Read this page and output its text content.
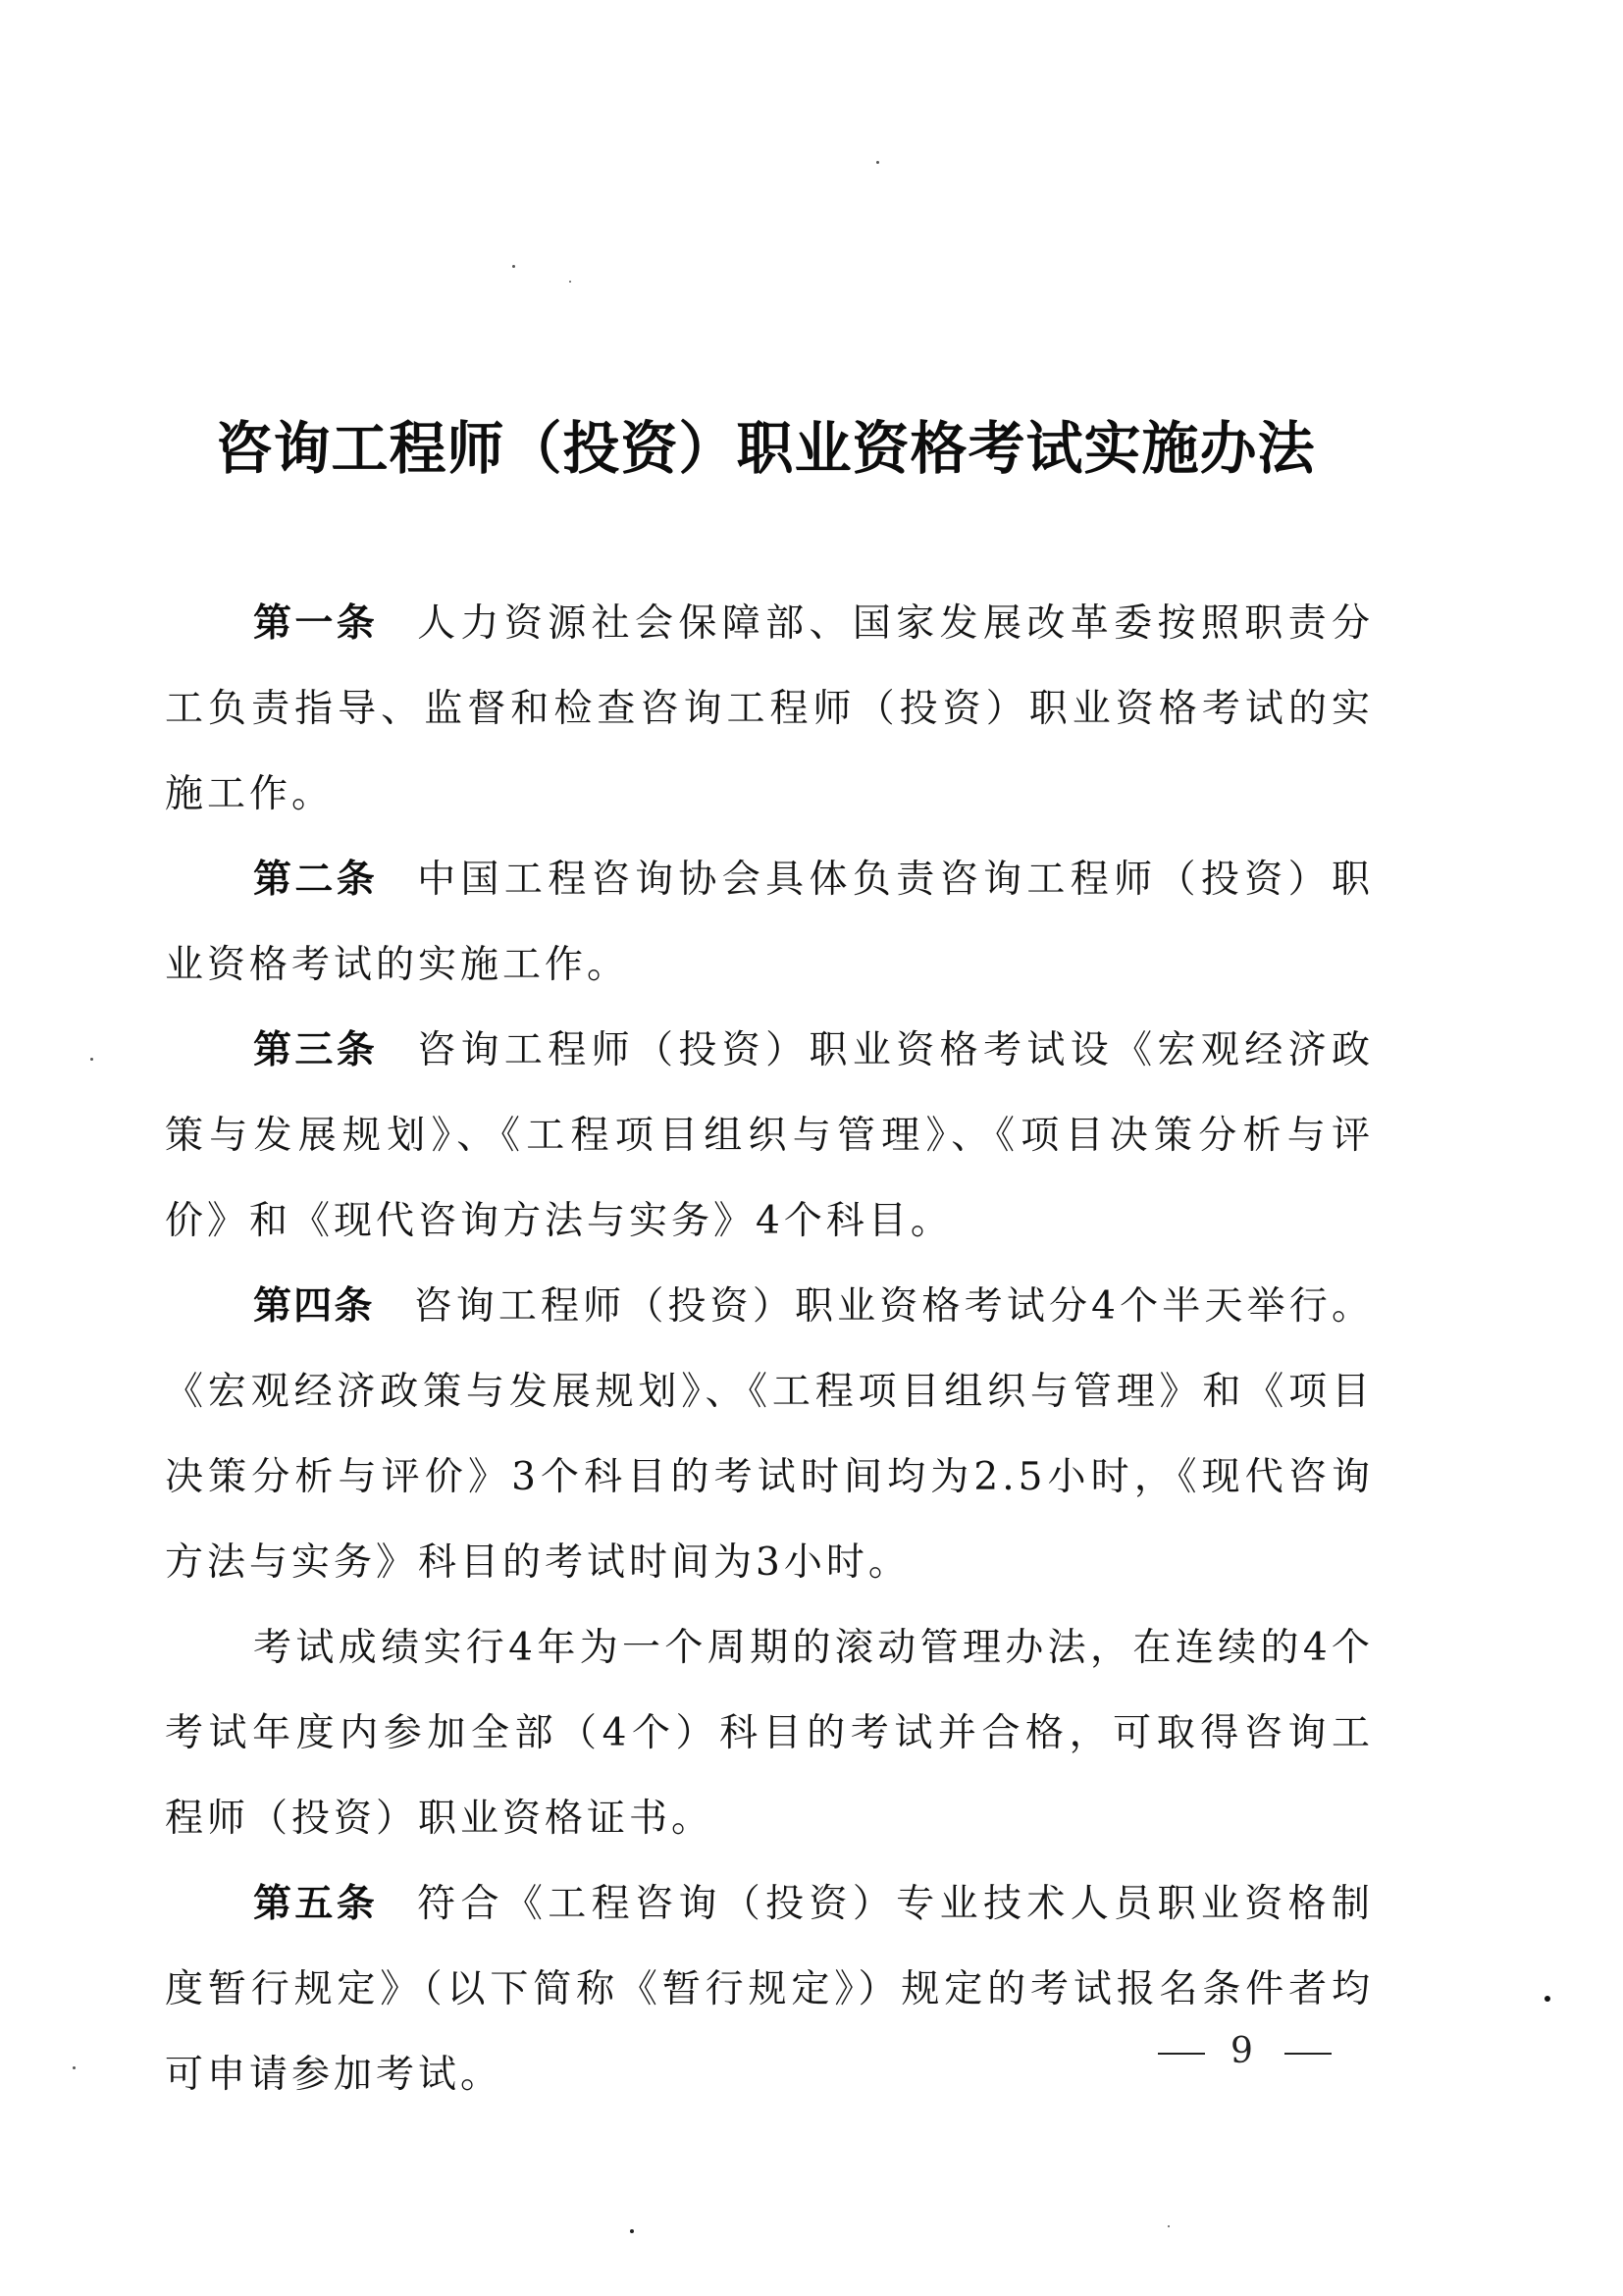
咨询工程师（投资）职业资格考试实施办法

第一条 人力资源社会保障部、国家发展改革委按照职责分工负责指导、监督和检查咨询工程师（投资）职业资格考试的实施工作。

第二条 中国工程咨询协会具体负责咨询工程师（投资）职业资格考试的实施工作。

第三条 咨询工程师（投资）职业资格考试设《宏观经济政策与发展规划》、《工程项目组织与管理》、《项目决策分析与评价》和《现代咨询方法与实务》4个科目。

第四条 咨询工程师（投资）职业资格考试分4个半天举行。《宏观经济政策与发展规划》、《工程项目组织与管理》和《项目决策分析与评价》3个科目的考试时间均为2.5小时，《现代咨询方法与实务》科目的考试时间为3小时。

考试成绩实行4年为一个周期的滚动管理办法，在连续的4个考试年度内参加全部（4个）科目的考试并合格，可取得咨询工程师（投资）职业资格证书。

第五条 符合《工程咨询（投资）专业技术人员职业资格制度暂行规定》（以下简称《暂行规定》）规定的考试报名条件者均可申请参加考试。

9
